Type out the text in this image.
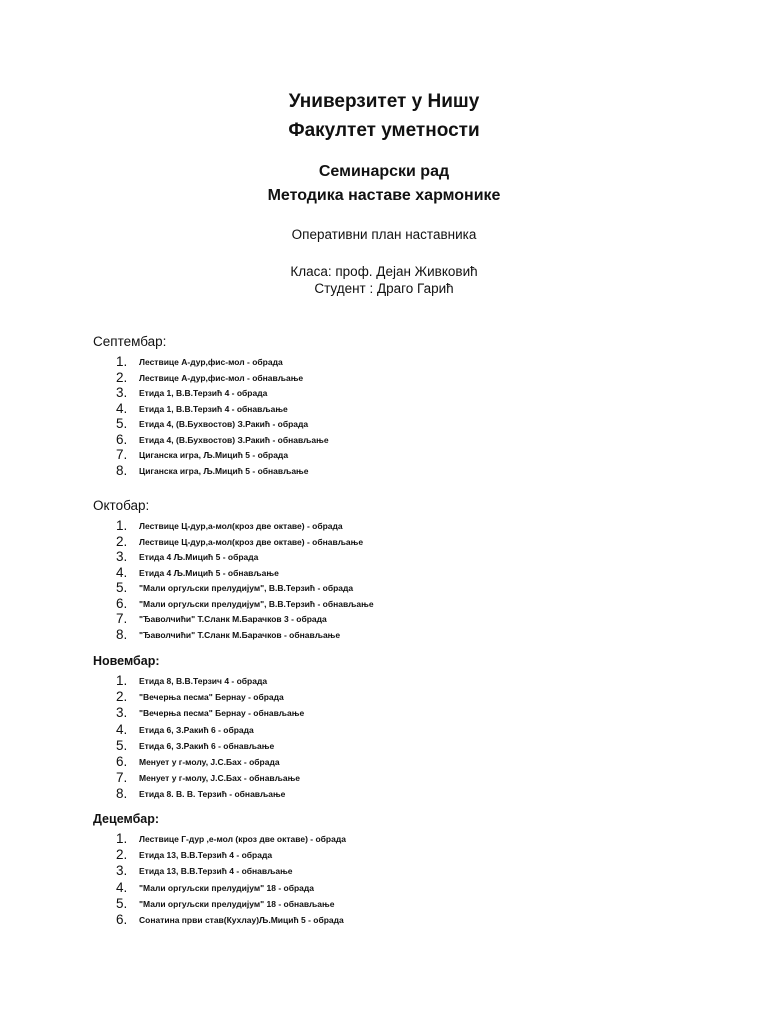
Универзитет у Нишу
Факултет уметности
Семинарски рад
Методика наставе хармонике
Оперативни план наставника
Класа: проф. Дејан Живковић
Студент : Драго Гарић
Септембар:
1.	Лествице А-дур,фис-мол - обрада
2.	Лествице А-дур,фис-мол - обнављање
3.	Етида 1, В.В.Терзић 4 - обрада
4.	Етида 1, В.В.Терзић 4 - обнављање
5.	Етида 4, (В.Бухвостов) З.Ракић - обрада
6.	Етида 4, (В.Бухвостов) З.Ракић - обнављање
7.	Циганска игра, Љ.Мицић 5 - обрада
8.	Циганска игра, Љ.Мицић 5 - обнављање
Октобар:
1.	Лествице Ц-дур,а-мол(кроз две октаве) - обрада
2.	Лествице Ц-дур,а-мол(кроз две октаве) - обнављање
3.	Етида 4 Љ.Мицић 5 - обрада
4.	Етида 4 Љ.Мицић 5 - обнављање
5.	"Мали оргуљски прелудијум", В.В.Терзић - обрада
6.	"Мали оргуљски прелудијум", В.В.Терзић - обнављање
7.	"Ђаволчићи" Т.Сланк М.Барачков 3 - обрада
8.	"Ђаволчићи" Т.Сланк М.Барачков - обнављање
Новембар:
1.	Етида 8, В.В.Терзич 4 - обрада
2.	"Вечерња песма" Бернау - обрада
3.	"Вечерња песма" Бернау - обнављање
4.	Етида 6, З.Ракић 6 - обрада
5.	Етида 6, З.Ракић 6 - обнављање
6.	Менует у г-молу, Ј.С.Бах - обрада
7.	Менует у г-молу, Ј.С.Бах - обнављање
8.	Етида 8. В. В. Терзић - обнављање
Децембар:
1.	Лествице Г-дур ,е-мол (кроз две октаве) - обрада
2.	Етида 13, В.В.Терзић 4 - обрада
3.	Етида 13, В.В.Терзић 4 - обнављање
4.	"Мали оргуљски прелудијум" 18 - обрада
5.	"Мали оргуљски прелудијум" 18 - обнављање
6.	Сонатина први став(Кухлау)Љ.Мицић 5 - обрада
